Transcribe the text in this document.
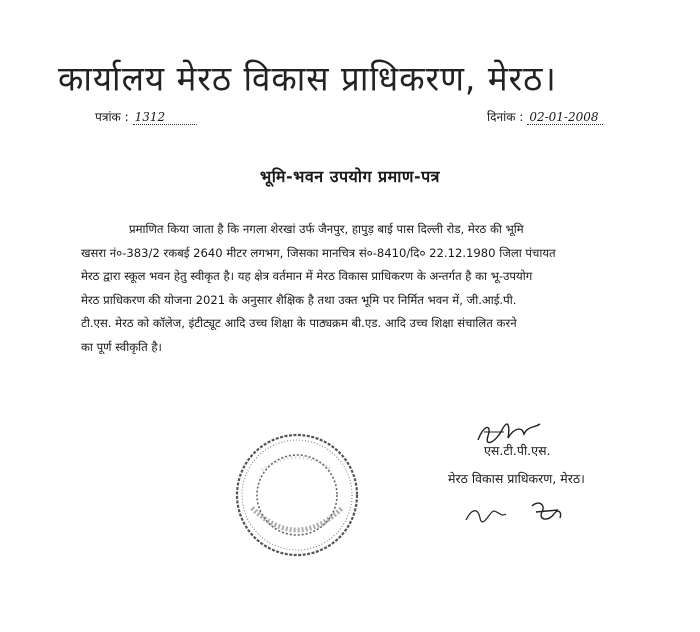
कार्यालय मेरठ विकास प्राधिकरण, मेरठ।
पत्रांक : 1312	दिनांक : 02-01-2008
भूमि-भवन उपयोग प्रमाण-पत्र
प्रमाणित किया जाता है कि नगला शेरखां उर्फ जैनपुर, हापुड़ बाई पास दिल्ली रोड, मेरठ की भूमि
खसरा नं०-383/2 रकबई 2640 मीटर लगभग, जिसका मानचित्र सं०-8410/दि० 22.12.1980 जिला पंचायत
मेरठ द्वारा स्कूल भवन हेतु स्वीकृत है। यह क्षेत्र वर्तमान में मेरठ विकास प्राधिकरण के अन्तर्गत है का भू-उपयोग
मेरठ प्राधिकरण की योजना 2021 के अनुसार शैक्षिक है तथा उक्त भूमि पर निर्मित भवन में, जी.आई.पी.
टी.एस. मेरठ को कॉलेज, इंटीट्यूट आदि उच्च शिक्षा के पाठ्यक्रम बी.एड. आदि उच्च शिक्षा संचालित करने
का पूर्ण स्वीकृति है।
एस.टी.पी.एस.
मेरठ विकास प्राधिकरण, मेरठ।
